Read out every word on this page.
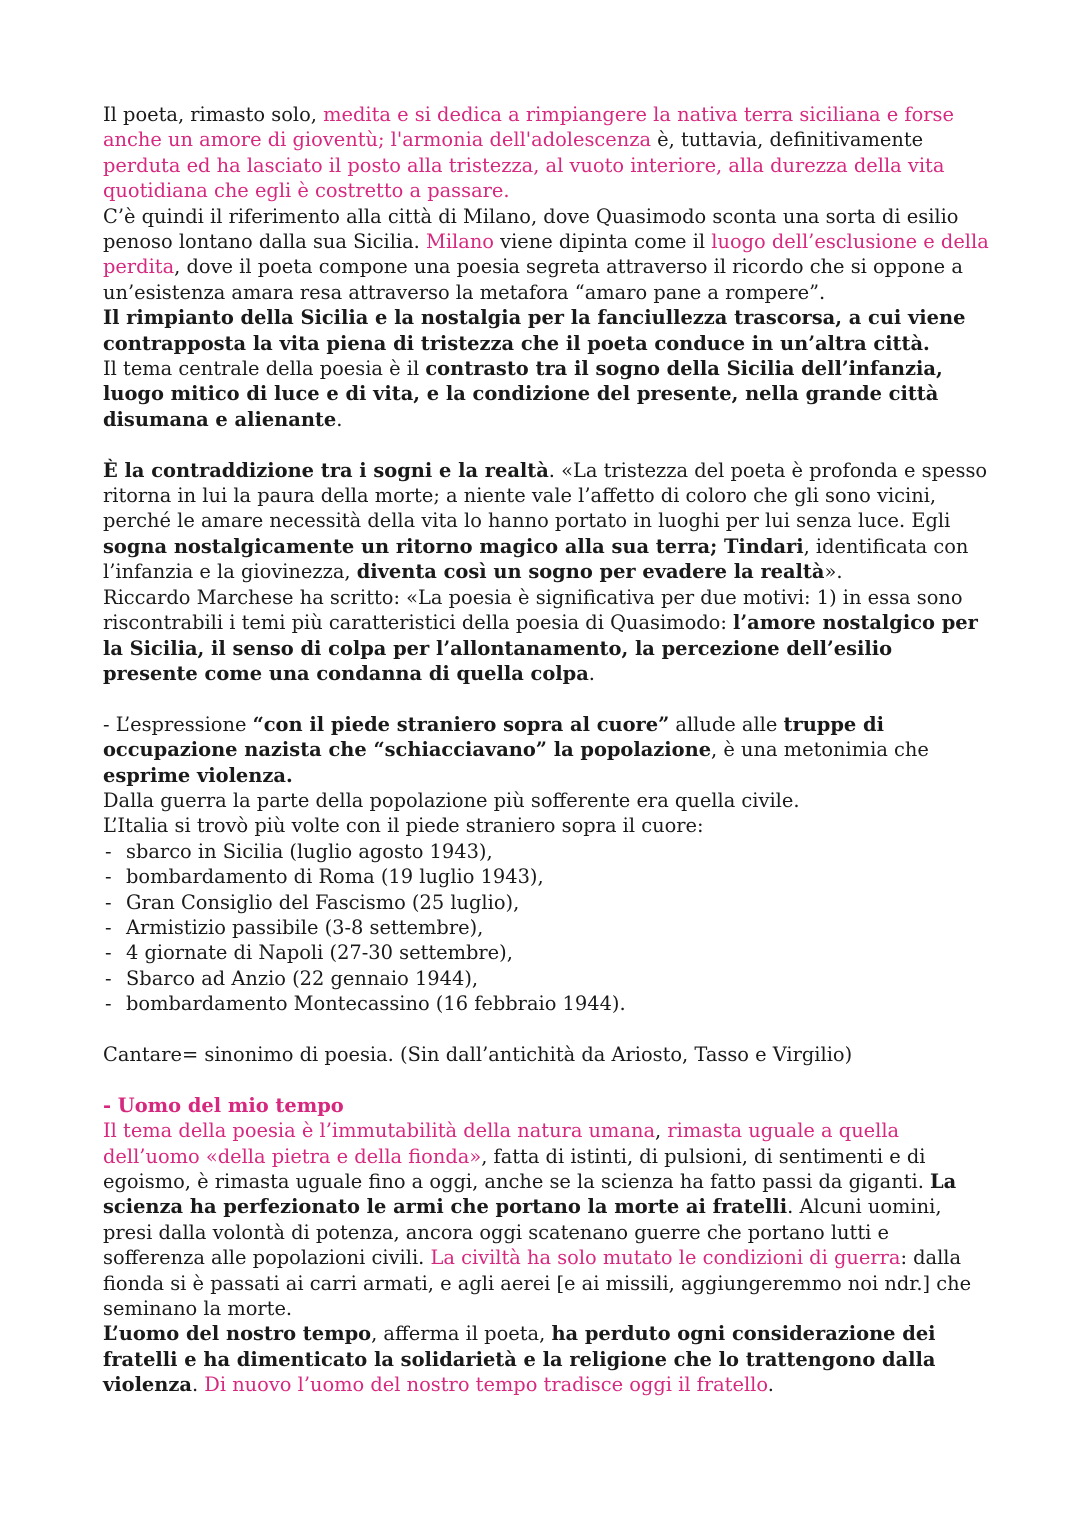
Il poeta, rimasto solo, medita e si dedica a rimpiangere la nativa terra siciliana e forse anche un amore di gioventù; l'armonia dell'adolescenza è, tuttavia, definitivamente perduta ed ha lasciato il posto alla tristezza, al vuoto interiore, alla durezza della vita quotidiana che egli è costretto a passare.
C’è quindi il riferimento alla città di Milano, dove Quasimodo sconta una sorta di esilio penoso lontano dalla sua Sicilia. Milano viene dipinta come il luogo dell’esclusione e della perdita, dove il poeta compone una poesia segreta attraverso il ricordo che si oppone a un’esistenza amara resa attraverso la metafora “amaro pane a rompere”.
Il rimpianto della Sicilia e la nostalgia per la fanciullezza trascorsa, a cui viene contrapposta la vita piena di tristezza che il poeta conduce in un’altra città.
Il tema centrale della poesia è il contrasto tra il sogno della Sicilia dell’infanzia, luogo mitico di luce e di vita, e la condizione del presente, nella grande città disumana e alienante.

È la contraddizione tra i sogni e la realtà. «La tristezza del poeta è profonda e spesso ritorna in lui la paura della morte; a niente vale l’affetto di coloro che gli sono vicini, perché le amare necessità della vita lo hanno portato in luoghi per lui senza luce. Egli sogna nostalgicamente un ritorno magico alla sua terra; Tindari, identificata con l’infanzia e la giovinezza, diventa così un sogno per evadere la realtà».
Riccardo Marchese ha scritto: «La poesia è significativa per due motivi: 1) in essa sono riscontrabili i temi più caratteristici della poesia di Quasimodo: l’amore nostalgico per la Sicilia, il senso di colpa per l’allontanamento, la percezione dell’esilio presente come una condanna di quella colpa.

- L’espressione “con il piede straniero sopra al cuore” allude alle truppe di occupazione nazista che “schiacciavano” la popolazione, è una metonimia che esprime violenza.
Dalla guerra la parte della popolazione più sofferente era quella civile.
L’Italia si trovò più volte con il piede straniero sopra il cuore:

- sbarco in Sicilia (luglio agosto 1943),
- bombardamento di Roma (19 luglio 1943),
- Gran Consiglio del Fascismo (25 luglio),
- Armistizio passibile (3-8 settembre),
- 4 giornate di Napoli (27-30 settembre),
- Sbarco ad Anzio (22 gennaio 1944),
- bombardamento Montecassino (16 febbraio 1944).

Cantare= sinonimo di poesia. (Sin dall’antichità da Ariosto, Tasso e Virgilio)

- Uomo del mio tempo

Il tema della poesia è l’immutabilità della natura umana, rimasta uguale a quella dell’uomo «della pietra e della fionda», fatta di istinti, di pulsioni, di sentimenti e di egoismo, è rimasta uguale fino a oggi, anche se la scienza ha fatto passi da giganti. La scienza ha perfezionato le armi che portano la morte ai fratelli. Alcuni uomini, presi dalla volontà di potenza, ancora oggi scatenano guerre che portano lutti e sofferenza alle popolazioni civili. La civiltà ha solo mutato le condizioni di guerra: dalla fionda si è passati ai carri armati, e agli aerei [e ai missili, aggiungeremmo noi ndr.] che seminano la morte.
L’uomo del nostro tempo, afferma il poeta, ha perduto ogni considerazione dei fratelli e ha dimenticato la solidarietà e la religione che lo trattengono dalla violenza. Di nuovo l’uomo del nostro tempo tradisce oggi il fratello.
